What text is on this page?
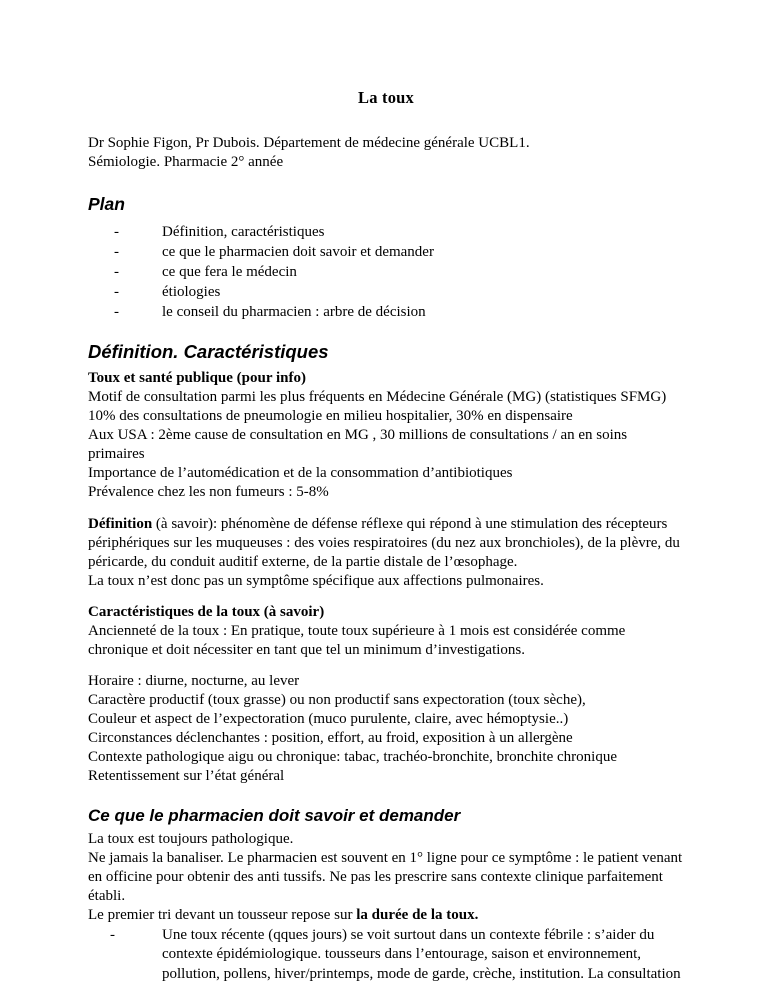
La toux

Dr Sophie Figon, Pr Dubois. Département de médecine générale UCBL1.

Sémiologie. Pharmacie 2° année

Plan
-	Définition, caractéristiques
-	ce que le pharmacien doit savoir et demander
-	ce que fera le médecin
-	étiologies
-	le conseil du pharmacien : arbre de décision
Définition. Caractéristiques

Toux et santé publique (pour info)

Motif de consultation parmi les plus fréquents en Médecine Générale (MG) (statistiques SFMG)

10% des consultations de pneumologie en milieu hospitalier, 30% en dispensaire

Aux USA : 2ème cause de consultation en MG , 30 millions de consultations / an en soins primaires

Importance de l’automédication et de la consommation d’antibiotiques

Prévalence chez les non fumeurs : 5-8%

Définition (à savoir): phénomène de défense réflexe qui répond à une stimulation des récepteurs périphériques sur les muqueuses : des voies respiratoires (du nez aux bronchioles), de la plèvre, du péricarde, du conduit auditif externe, de la partie distale de l’œsophage.

La toux n’est donc pas un symptôme spécifique aux affections pulmonaires.

Caractéristiques de la toux (à savoir)

Ancienneté de la toux : En pratique, toute toux supérieure à 1 mois est considérée comme chronique et doit nécessiter en tant que tel un minimum d’investigations.

Horaire : diurne, nocturne, au lever

Caractère productif (toux grasse) ou non productif sans expectoration (toux sèche),

Couleur et aspect de l’expectoration (muco purulente, claire, avec hémoptysie..)

Circonstances déclenchantes : position, effort, au froid, exposition à un allergène

Contexte pathologique aigu ou chronique: tabac, trachéo-bronchite, bronchite chronique

Retentissement sur l’état général

Ce que le pharmacien doit savoir et demander

La toux est toujours pathologique.

Ne jamais la banaliser. Le pharmacien est souvent en 1° ligne pour ce symptôme : le patient venant en officine pour obtenir des anti tussifs. Ne pas les prescrire sans contexte clinique parfaitement établi.

Le premier tri devant un tousseur repose sur la durée de la toux.

-	Une toux récente (qques jours) se voit surtout dans un contexte fébrile : s’aider du contexte épidémiologique. tousseurs dans l’entourage, saison et environnement, pollution, pollens, hiver/printemps, mode de garde, crèche, institution. La consultation
